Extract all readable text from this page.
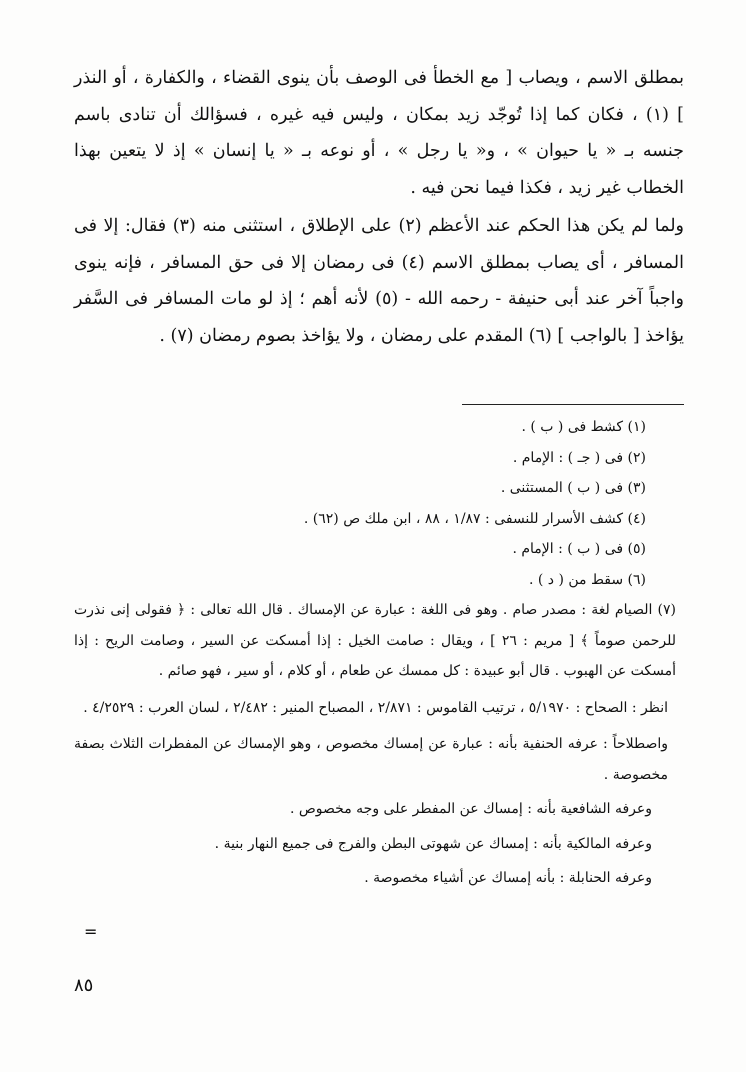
بمطلق الاسم ، ويصاب [ مع الخطأ فى الوصف بأن ينوى القضاء ، والكفارة ، أو النذر ] (١) ، فكان كما إذا تُوجّد زيد بمكان ، وليس فيه غيره ، فسؤالك أن تنادى باسم جنسه بـ « يا حيوان » ، و« يا رجل » ، أو نوعه بـ « يا إنسان » إذ لا يتعين بهذا الخطاب غير زيد ، فكذا فيما نحن فيه .

ولما لم يكن هذا الحكم عند الأعظم (٢) على الإطلاق ، استثنى منه (٣) فقال: إلا فى المسافر ، أى يصاب بمطلق الاسم (٤) فى رمضان إلا فى حق المسافر ، فإنه ينوى واجباً آخر عند أبى حنيفة - رحمه الله - (٥) لأنه أهم ؛ إذ لو مات المسافر فى السَّفر يؤاخذ [ بالواجب ] (٦) المقدم على رمضان ، ولا يؤاخذ بصوم رمضان (٧) .

(١) كشط فى ( ب ) .

(٢) فى ( جـ ) : الإمام .

(٣) فى ( ب ) المستثنى .

(٤) كشف الأسرار للنسفى : ١/٨٧ ، ٨٨ ، ابن ملك ص (٦٢) .

(٥) فى ( ب ) : الإمام .

(٦) سقط من ( د ) .

(٧) الصيام لغة : مصدر صام . وهو فى اللغة : عبارة عن الإمساك . قال الله تعالى : ﴿ فقولى إنى نذرت للرحمن صوماً ﴾ [ مريم : ٢٦ ] ، ويقال : صامت الخيل : إذا أمسكت عن السير ، وصامت الريح : إذا أمسكت عن الهبوب . قال أبو عبيدة : كل ممسك عن طعام ، أو كلام ، أو سير ، فهو صائم .

انظر : الصحاح : ٥/١٩٧٠ ، ترتيب القاموس : ٢/٨٧١ ، المصباح المنير : ٢/٤٨٢ ، لسان العرب : ٤/٢٥٢٩ .

واصطلاحاً : عرفه الحنفية بأنه : عبارة عن إمساك مخصوص ، وهو الإمساك عن المفطرات الثلاث بصفة مخصوصة .

وعرفه الشافعية بأنه : إمساك عن المفطر على وجه مخصوص .

وعرفه المالكية بأنه : إمساك عن شهوتى البطن والفرج فى جميع النهار بنية .

وعرفه الحنابلة : بأنه إمساك عن أشياء مخصوصة .

=
٨٥
